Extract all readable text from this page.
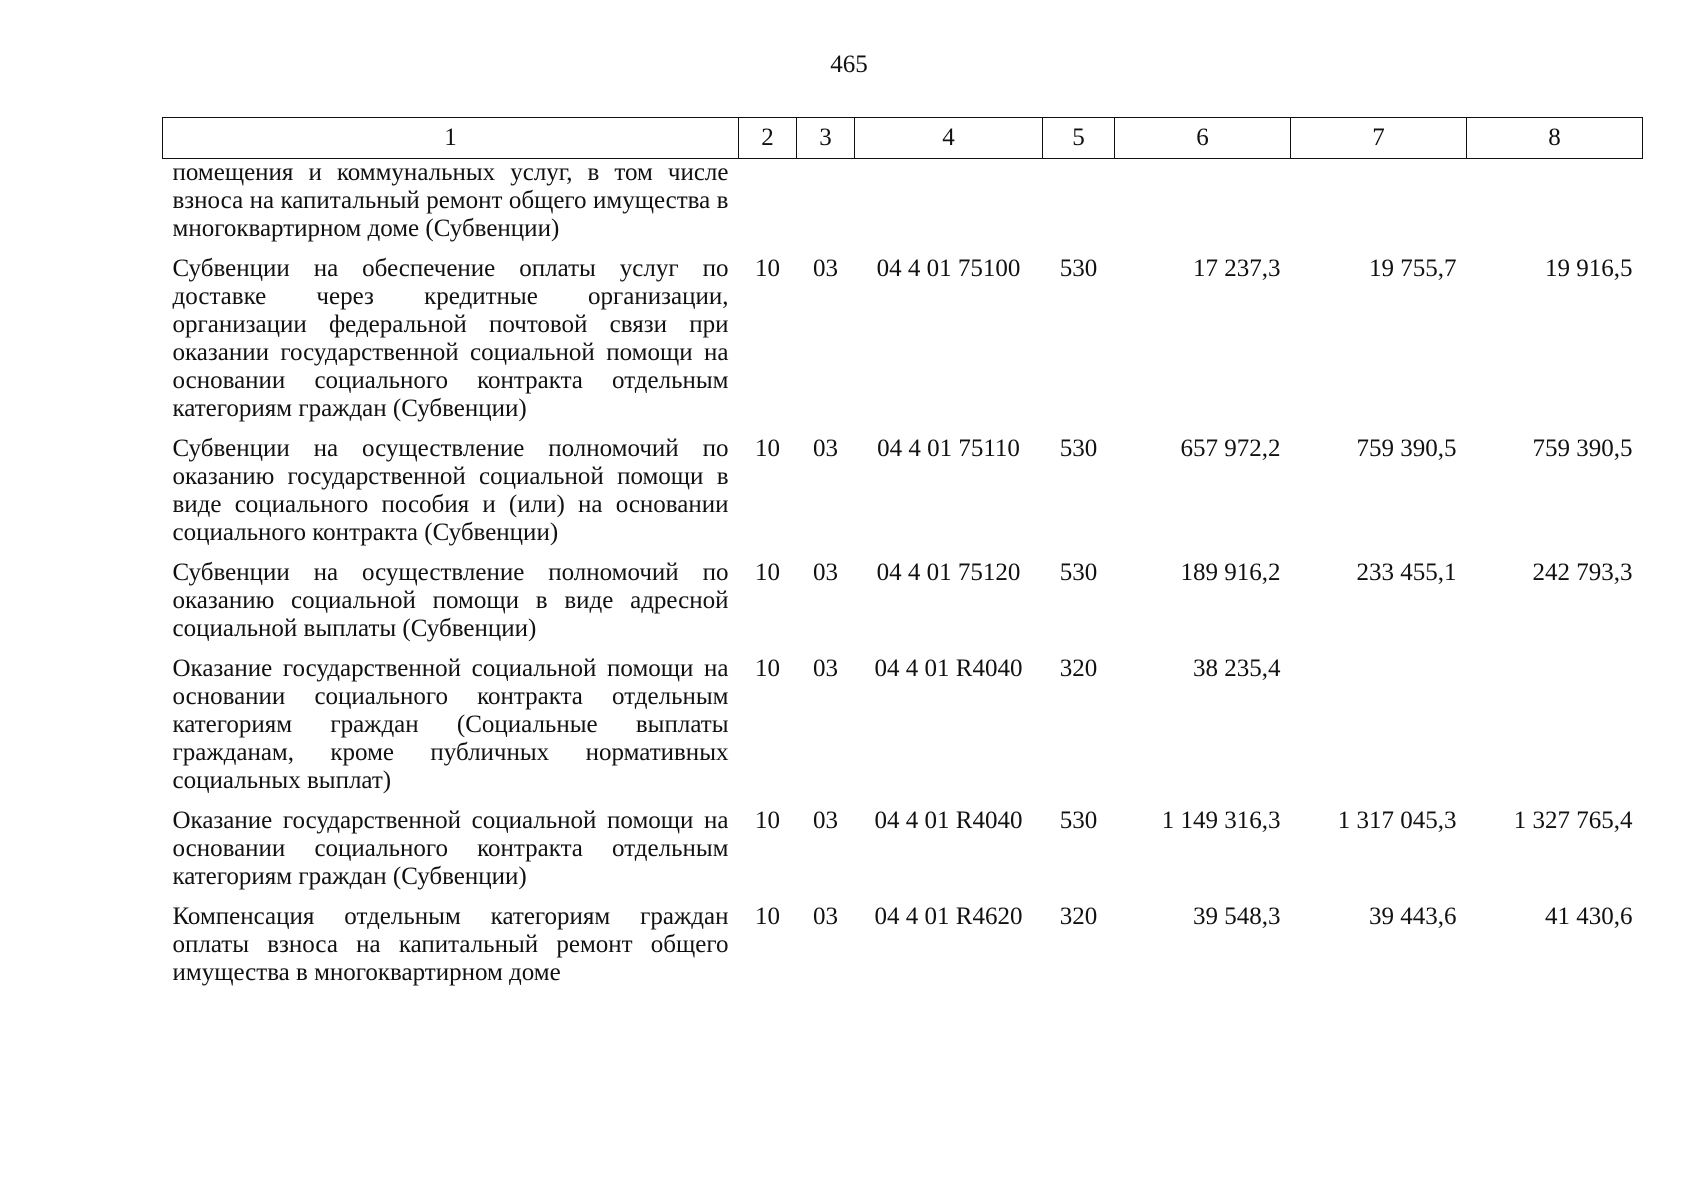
465
1	2	3	4	5	6	7	8
помещения и коммунальных услуг, в том числе взноса на капитальный ремонт общего имущества в многоквартирном доме (Субвенции)							
Субвенции на обеспечение оплаты услуг по доставке через кредитные организации, организации федеральной почтовой связи при оказании государственной социальной помощи на основании социального контракта отдельным категориям граждан (Субвенции)	10	03	04 4 01 75100	530	17 237,3	19 755,7	19 916,5
Субвенции на осуществление полномочий по оказанию государственной социальной помощи в виде социального пособия и (или) на основании социального контракта (Субвенции)	10	03	04 4 01 75110	530	657 972,2	759 390,5	759 390,5
Субвенции на осуществление полномочий по оказанию социальной помощи в виде адресной социальной выплаты (Субвенции)	10	03	04 4 01 75120	530	189 916,2	233 455,1	242 793,3
Оказание государственной социальной помощи на основании социального контракта отдельным категориям граждан (Социальные выплаты гражданам, кроме публичных нормативных социальных выплат)	10	03	04 4 01 R4040	320	38 235,4		
Оказание государственной социальной помощи на основании социального контракта отдельным категориям граждан (Субвенции)	10	03	04 4 01 R4040	530	1 149 316,3	1 317 045,3	1 327 765,4
Компенсация отдельным категориям граждан оплаты взноса на капитальный ремонт общего имущества в многоквартирном доме	10	03	04 4 01 R4620	320	39 548,3	39 443,6	41 430,6
